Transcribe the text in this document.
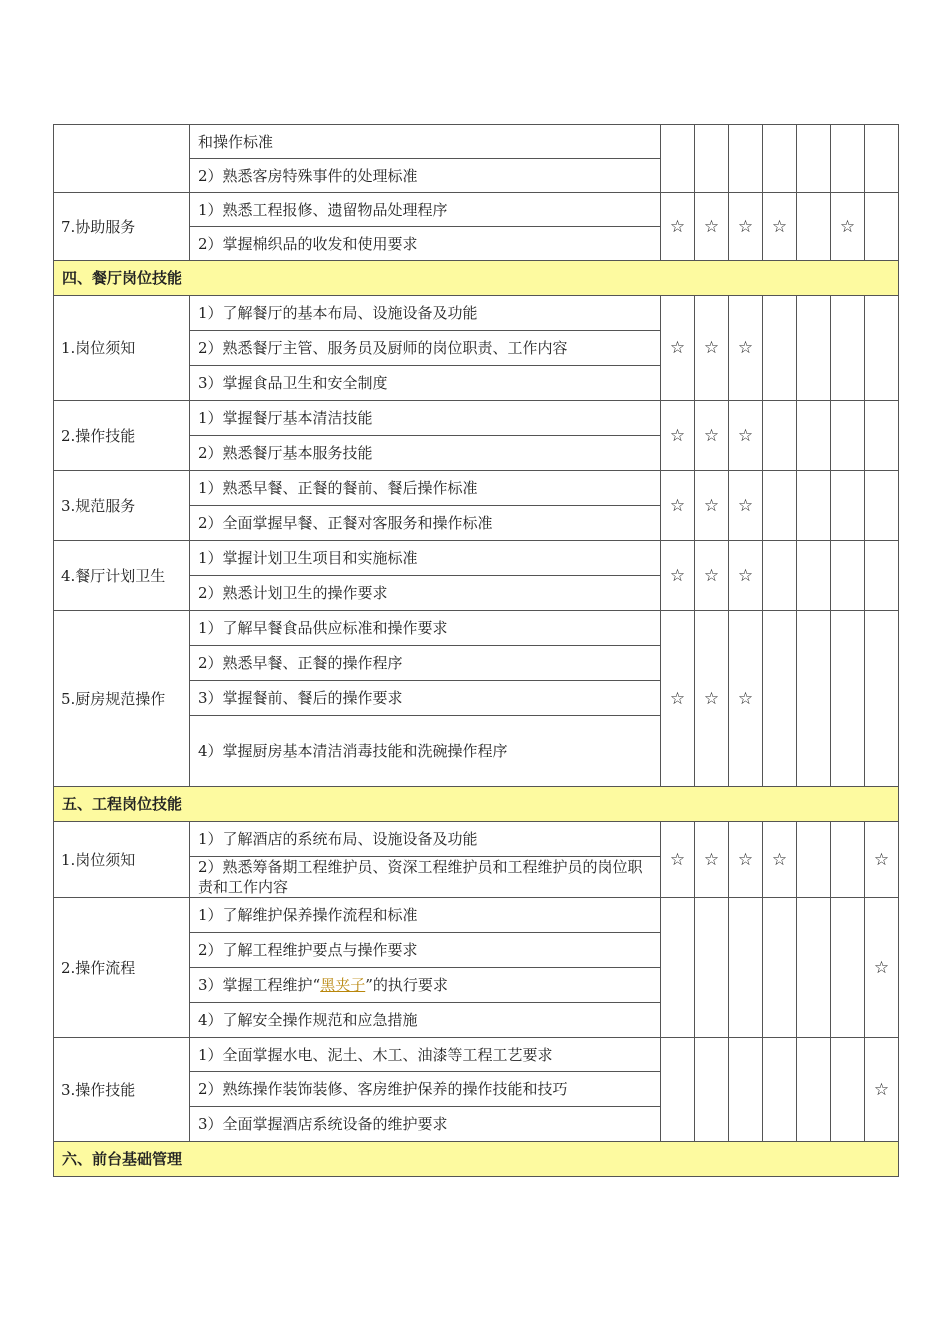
	和操作标准							
	2）熟悉客房特殊事件的处理标准							
7.协助服务	1）熟悉工程报修、遗留物品处理程序	☆	☆	☆	☆		☆	
	2）掌握棉织品的收发和使用要求							
四、餐厅岗位技能								
1.岗位须知	1）了解餐厅的基本布局、设施设备及功能	☆	☆	☆				
	2）熟悉餐厅主管、服务员及厨师的岗位职责、工作内容							
	3）掌握食品卫生和安全制度							
2.操作技能	1）掌握餐厅基本清洁技能	☆	☆	☆				
	2）熟悉餐厅基本服务技能							
3.规范服务	1）熟悉早餐、正餐的餐前、餐后操作标准	☆	☆	☆				
	2）全面掌握早餐、正餐对客服务和操作标准							
4.餐厅计划卫生	1）掌握计划卫生项目和实施标准	☆	☆	☆				
	2）熟悉计划卫生的操作要求							
5.厨房规范操作	1）了解早餐食品供应标准和操作要求	☆	☆	☆				
	2）熟悉早餐、正餐的操作程序							
	3）掌握餐前、餐后的操作要求							
	4）掌握厨房基本清洁消毒技能和洗碗操作程序							
五、工程岗位技能								
1.岗位须知	1）了解酒店的系统布局、设施设备及功能	☆	☆	☆	☆			☆
	2）熟悉筹备期工程维护员、资深工程维护员和工程维护员的岗位职责和工作内容							
2.操作流程	1）了解维护保养操作流程和标准							☆
	2）了解工程维护要点与操作要求							
	3）掌握工程维护“黑夹子”的执行要求							
	4）了解安全操作规范和应急措施							
3.操作技能	1）全面掌握水电、泥土、木工、油漆等工程工艺要求							☆
	2）熟练操作装饰装修、客房维护保养的操作技能和技巧							
	3）全面掌握酒店系统设备的维护要求							
六、前台基础管理								
